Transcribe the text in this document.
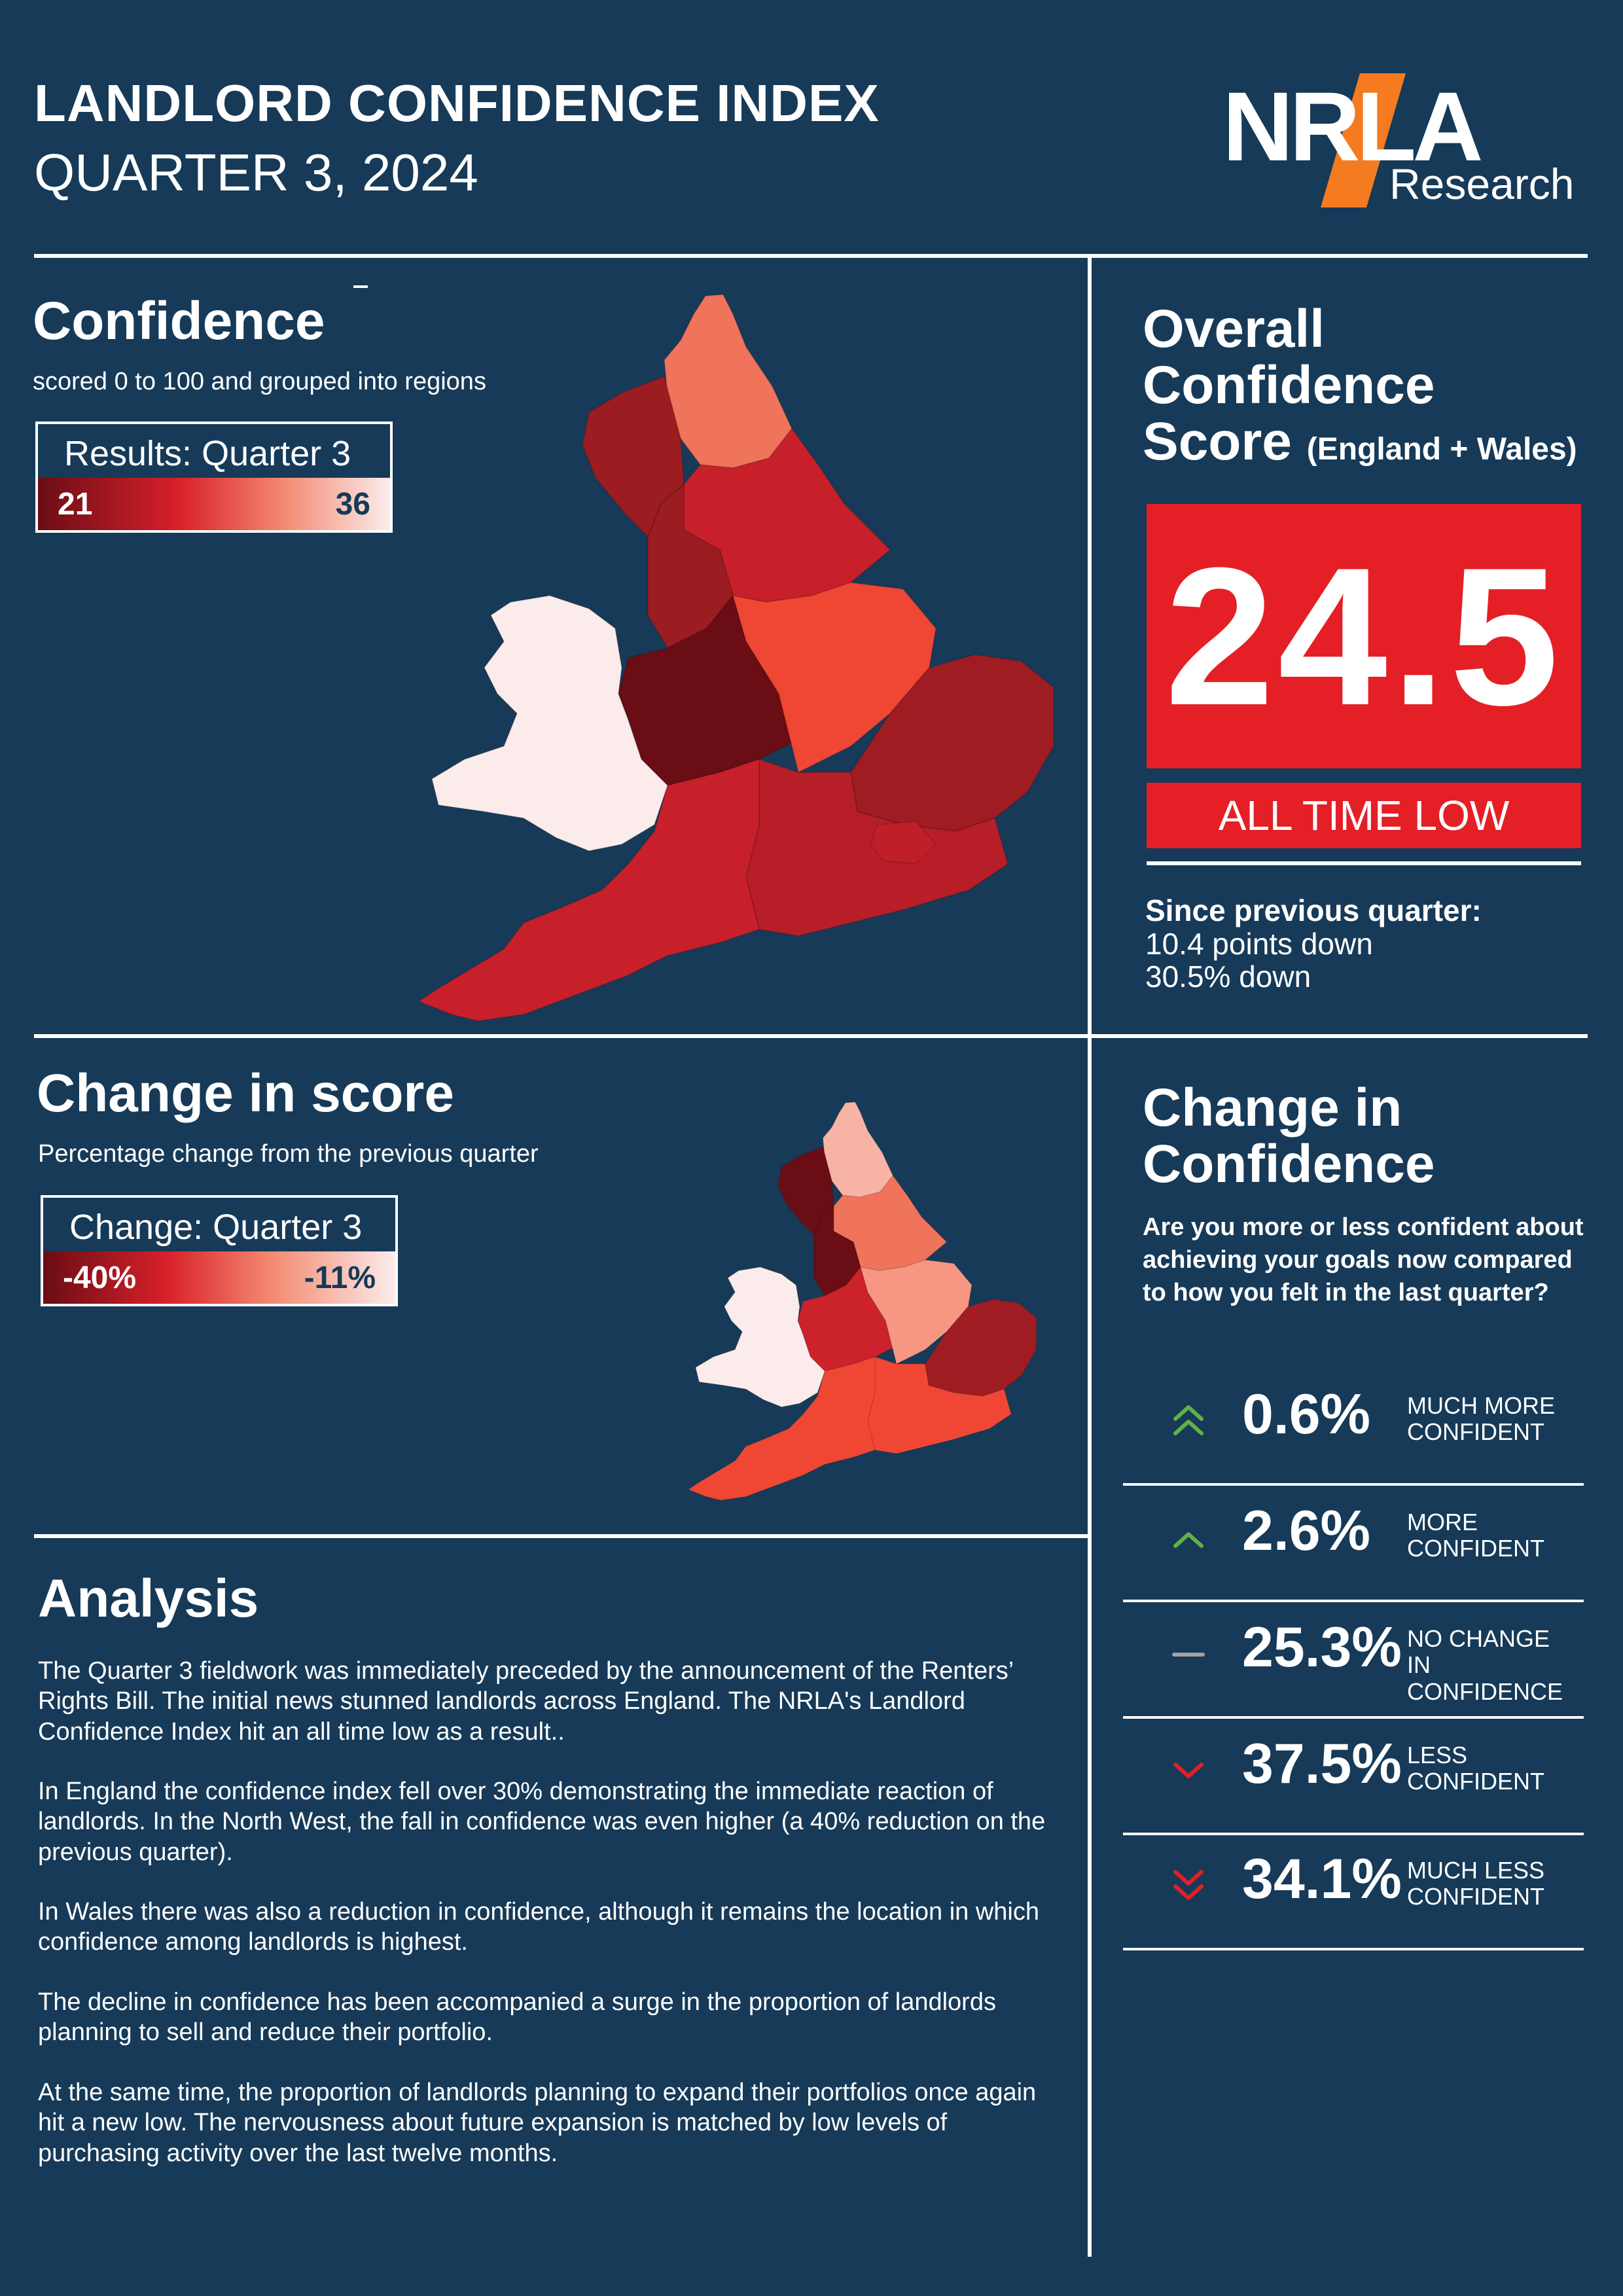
LANDLORD CONFIDENCE INDEX
QUARTER 3, 2024	NRLA
Research
Confidence
scored 0 to 100 and grouped into regions
Results: Quarter 3
21	36
Overall
Confidence
Score (England + Wales)
24.5
ALL TIME LOW
Since previous quarter:
10.4 points down
30.5% down
Change in score
Percentage change from the previous quarter
Change: Quarter 3
-40%	-11%
Change in
Confidence
Are you more or less confident about achieving your goals now compared to how you felt in the last quarter?
0.6% MUCH MORE
CONFIDENT
2.6% MORE
CONFIDENT
25.3% NO CHANGE
IN CONFIDENCE
37.5% LESS
CONFIDENT
34.1% MUCH LESS
CONFIDENT
Analysis
The Quarter 3 fieldwork was immediately preceded by the announcement of the Renters’ Rights Bill. The initial news stunned landlords across England. The NRLA's Landlord Confidence Index hit an all time low as a result..
In England the confidence index fell over 30% demonstrating the immediate reaction of landlords. In the North West, the fall in confidence was even higher (a 40% reduction on the previous quarter).
In Wales there was also a reduction in confidence, although it remains the location in which confidence among landlords is highest.
The decline in confidence has been accompanied a surge in the proportion of landlords planning to sell and reduce their portfolio.
At the same time, the proportion of landlords planning to expand their portfolios once again hit a new low. The nervousness about future expansion is matched by low levels of purchasing activity over the last twelve months.
